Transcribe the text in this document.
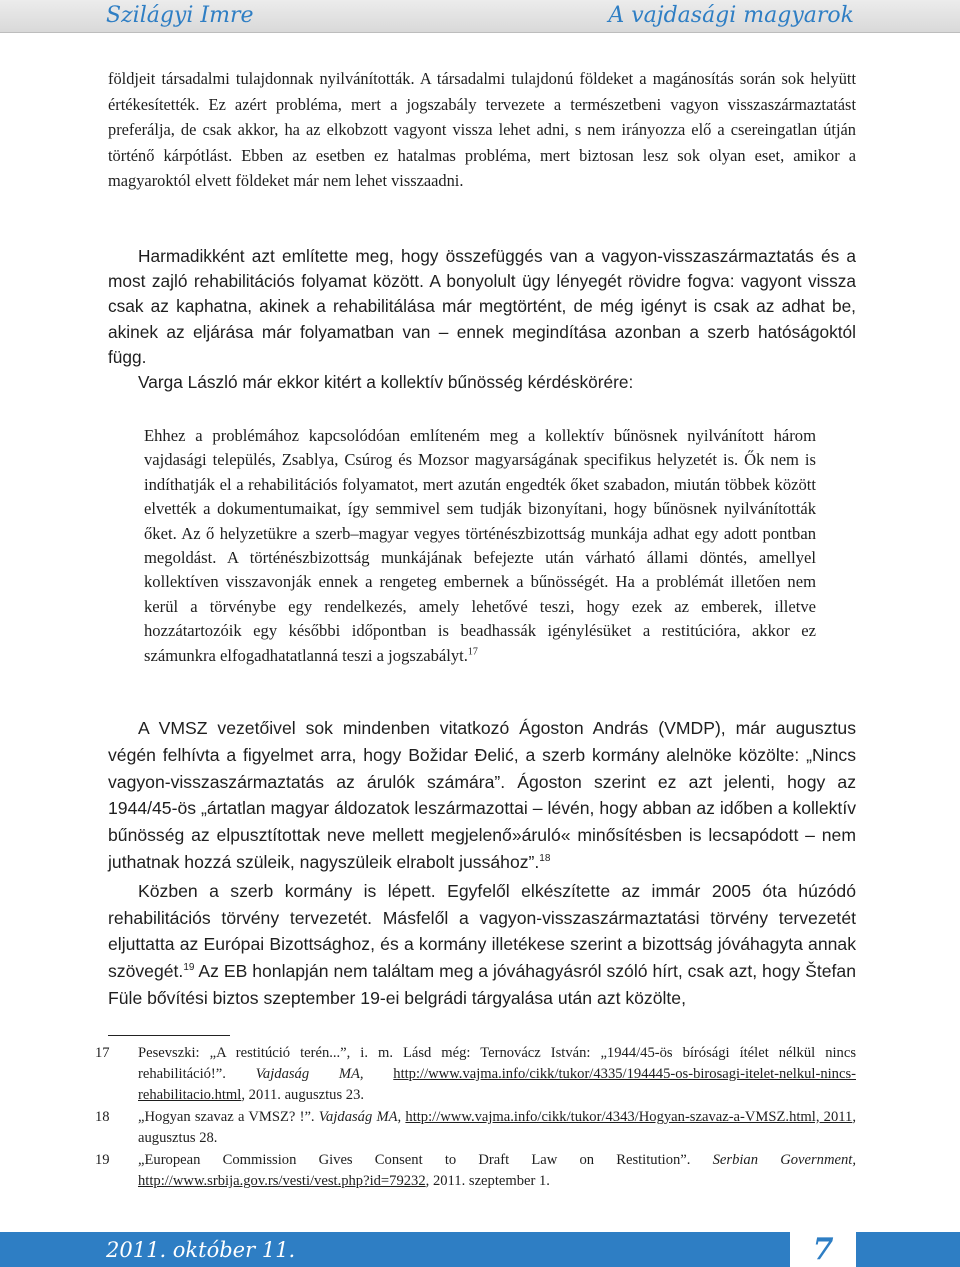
Szilágyi Imre	A vajdasági magyarok

földjeit társadalmi tulajdonnak nyilvánították. A társadalmi tulajdonú földeket a magánosítás során sok helyütt értékesítették. Ez azért probléma, mert a jogszabály tervezete a természetbeni vagyon visszaszármaztatást preferálja, de csak akkor, ha az elkobzott vagyont vissza lehet adni, s nem irányozza elő a csereingatlan útján történő kárpótlást. Ebben az esetben ez hatalmas probléma, mert biztosan lesz sok olyan eset, amikor a magyaroktól elvett földeket már nem lehet visszaadni.

Harmadikként azt említette meg, hogy összefüggés van a vagyon-visszaszármaztatás és a most zajló rehabilitációs folyamat között. A bonyolult ügy lényegét rövidre fogva: vagyont vissza csak az kaphatna, akinek a rehabilitálása már megtörtént, de még igényt is csak az adhat be, akinek az eljárása már folyamatban van – ennek megindítása azonban a szerb hatóságoktól függ.

Varga László már ekkor kitért a kollektív bűnösség kérdéskörére:

Ehhez a problémához kapcsolódóan említeném meg a kollektív bűnösnek nyilvánított három vajdasági település, Zsablya, Csúrog és Mozsor magyarságának specifikus helyzetét is. Ők nem is indíthatják el a rehabilitációs folyamatot, mert azután engedték őket szabadon, miután többek között elvették a dokumentumaikat, így semmivel sem tudják bizonyítani, hogy bűnösnek nyilvánították őket. Az ő helyzetükre a szerb–magyar vegyes történészbizottság munkája adhat egy adott pontban megoldást. A történészbizottság munkájának befejezte után várható állami döntés, amellyel kollektíven visszavonják ennek a rengeteg embernek a bűnösségét. Ha a problémát illetően nem kerül a törvénybe egy rendelkezés, amely lehetővé teszi, hogy ezek az emberek, illetve hozzátartozóik egy későbbi időpontban is beadhassák igénylésüket a restitúcióra, akkor ez számunkra elfogadhatatlanná teszi a jogszabályt.$^{17}$

A VMSZ vezetőivel sok mindenben vitatkozó Ágoston András (VMDP), már augusztus végén felhívta a figyelmet arra, hogy Božidar Đelić, a szerb kormány alelnöke közölte: „Nincs vagyon-visszaszármaztatás az árulók számára”. Ágoston szerint ez azt jelenti, hogy az 1944/45-ös „ártatlan magyar áldozatok leszármazottai – lévén, hogy abban az időben a kollektív bűnösség az elpusztítottak neve mellett megjelenő»áruló« minősítésben is lecsapódott – nem juthatnak hozzá szüleik, nagyszüleik elrabolt jussához”.$^{18}$

Közben a szerb kormány is lépett. Egyfelől elkészítette az immár 2005 óta húzódó rehabilitációs törvény tervezetét. Másfelől a vagyon-visszaszármaztatási törvény tervezetét eljuttatta az Európai Bizottsághoz, és a kormány illetékese szerint a bizottság jóváhagyta annak szövegét.$^{19}$ Az EB honlapján nem találtam meg a jóváhagyásról szóló hírt, csak azt, hogy Štefan Füle bővítési biztos szeptember 19-ei belgrádi tárgyalása után azt közölte,

17 Pesevszki: „A restitúció terén...”, i. m. Lásd még: Ternovácz István: „1944/45-ös bírósági ítélet nélkül nincs rehabilitáció!”. Vajdaság MA, http://www.vajma.info/cikk/tukor/4335/194445-os-birosagi-itelet-nelkul-nincs-rehabilitacio.html, 2011. augusztus 23.
18 „Hogyan szavaz a VMSZ? !”. Vajdaság MA, http://www.vajma.info/cikk/tukor/4343/Hogyan-szavaz-a-VMSZ.html, 2011, augusztus 28.
19 „European Commission Gives Consent to Draft Law on Restitution”. Serbian Government, http://www.srbija.gov.rs/vesti/vest.php?id=79232, 2011. szeptember 1.
2011. október 11.	7
